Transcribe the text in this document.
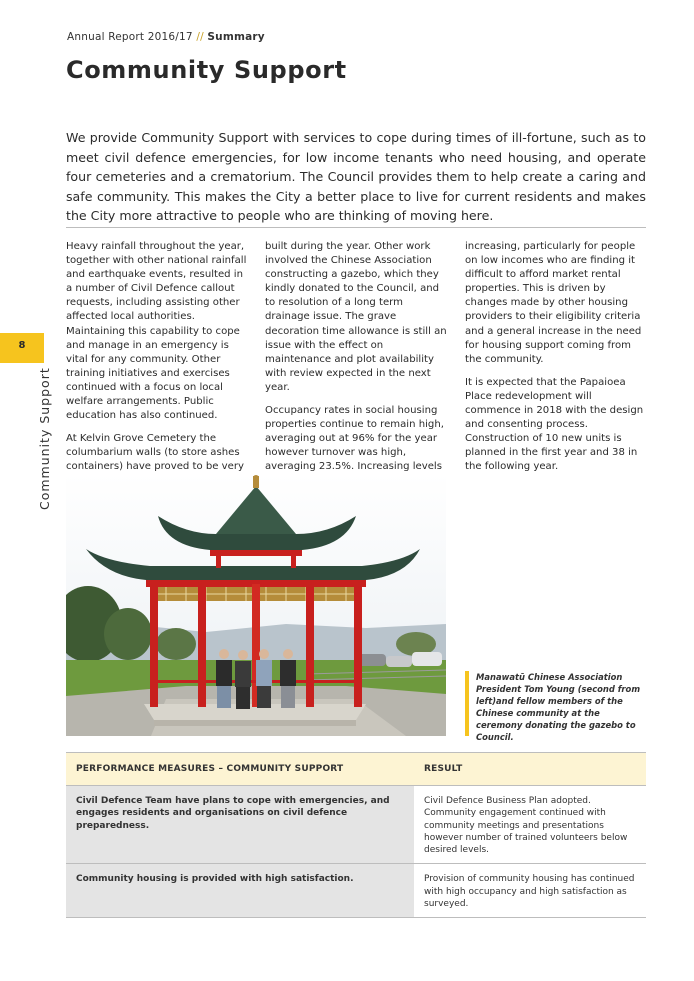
Annual Report 2016/17 // Summary
Community Support

We provide Community Support with services to cope during times of ill-fortune, such as to meet civil defence emergencies, for low income tenants who need housing, and operate four cemeteries and a crematorium. The Council provides them to help create a caring and safe community. This makes the City a better place to live for current residents and makes the City more attractive to people who are thinking of moving here.

8
Community Support

Heavy rainfall throughout the year, together with other national rainfall and earthquake events, resulted in a number of Civil Defence callout requests, including assisting other affected local authorities. Maintaining this capability to cope and manage in an emergency is vital for any community. Other training initiatives and exercises continued with a focus on local welfare arrangements. Public education has also continued.

At Kelvin Grove Cemetery the columbarium walls (to store ashes containers) have proved to be very

built during the year. Other work involved the Chinese Association constructing a gazebo, which they kindly donated to the Council, and to resolution of a long term drainage issue. The grave decoration time allowance is still an issue with the effect on maintenance and plot availability with review expected in the next year.

Occupancy rates in social housing properties continue to remain high, averaging out at 96% for the year however turnover was high, averaging 23.5%. Increasing levels

increasing, particularly for people on low incomes who are finding it difficult to afford market rental properties. This is driven by changes made by other housing providers to their eligibility criteria and a general increase in the need for housing support coming from the community.

It is expected that the Papaioea Place redevelopment will commence in 2018 with the design and consenting process. Construction of 10 new units is planned in the first year and 38 in the following year.

Manawatū Chinese Association President Tom Young (second from left)and fellow members of the Chinese community at the ceremony donating the gazebo to Council.

PERFORMANCE MEASURES – COMMUNITY SUPPORT	RESULT
Civil Defence Team have plans to cope with emergencies, and engages residents and organisations on civil defence preparedness.	Civil Defence Business Plan adopted. Community engagement continued with community meetings and presentations however number of trained volunteers below desired levels.
Community housing is provided with high satisfaction.	Provision of community housing has continued with high occupancy and high satisfaction as surveyed.
